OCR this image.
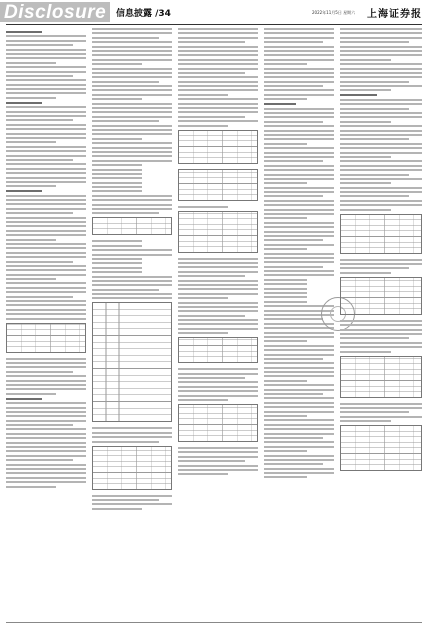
Disclosure 信息披露 /34	2022年11月5日 星期六 上海证券报
